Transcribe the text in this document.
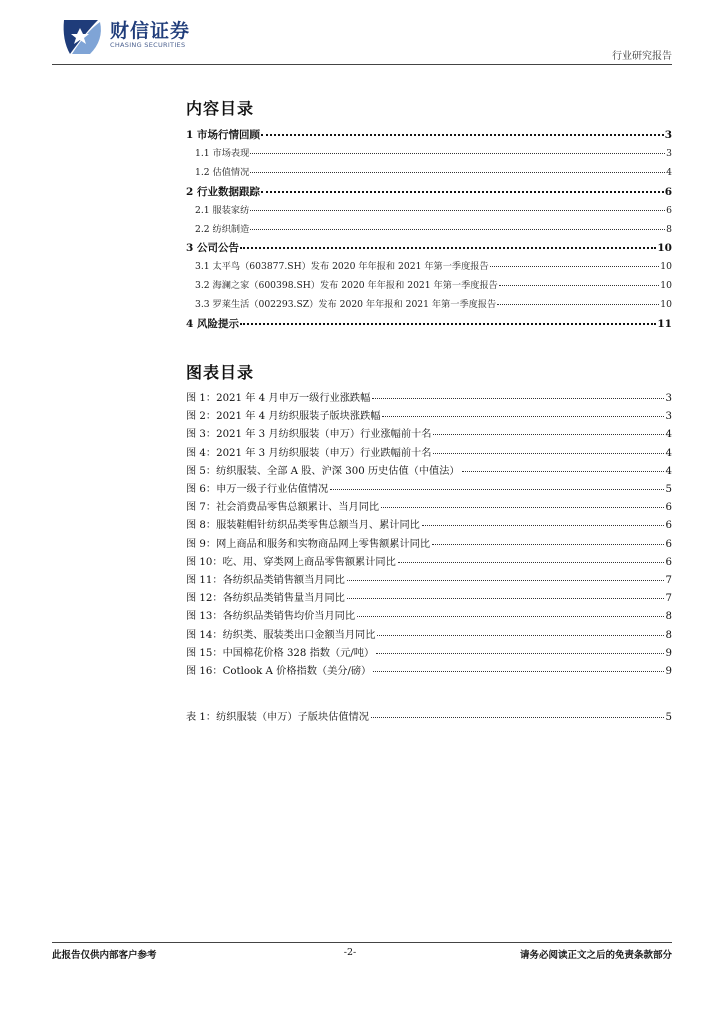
财信证券
CHASING SECURITIES
行业研究报告
内容目录
1 市场行情回顾	3
1.1 市场表现	3
1.2 估值情况	4
2 行业数据跟踪	6
2.1 服装家纺	6
2.2 纺织制造	8
3 公司公告	10
3.1 太平鸟（603877.SH）发布 2020 年年报和 2021 年第一季度报告	10
3.2 海澜之家（600398.SH）发布 2020 年年报和 2021 年第一季度报告	10
3.3 罗莱生活（002293.SZ）发布 2020 年年报和 2021 年第一季度报告	10
4 风险提示	11
图表目录
图 1：2021 年 4 月申万一级行业涨跌幅	3
图 2：2021 年 4 月纺织服装子版块涨跌幅	3
图 3：2021 年 3 月纺织服装（申万）行业涨幅前十名	4
图 4：2021 年 3 月纺织服装（申万）行业跌幅前十名	4
图 5：纺织服装、全部 A 股、沪深 300 历史估值（中值法）	4
图 6：申万一级子行业估值情况	5
图 7：社会消费品零售总额累计、当月同比	6
图 8：服装鞋帽针纺织品类零售总额当月、累计同比	6
图 9：网上商品和服务和实物商品网上零售额累计同比	6
图 10：吃、用、穿类网上商品零售额累计同比	6
图 11：各纺织品类销售额当月同比	7
图 12：各纺织品类销售量当月同比	7
图 13：各纺织品类销售均价当月同比	8
图 14：纺织类、服装类出口金额当月同比	8
图 15：中国棉花价格 328 指数（元/吨）	9
图 16：Cotlook A 价格指数（美分/磅）	9
表 1：纺织服装（申万）子版块估值情况	5
此报告仅供内部客户参考	-2-	请务必阅读正文之后的免责条款部分
